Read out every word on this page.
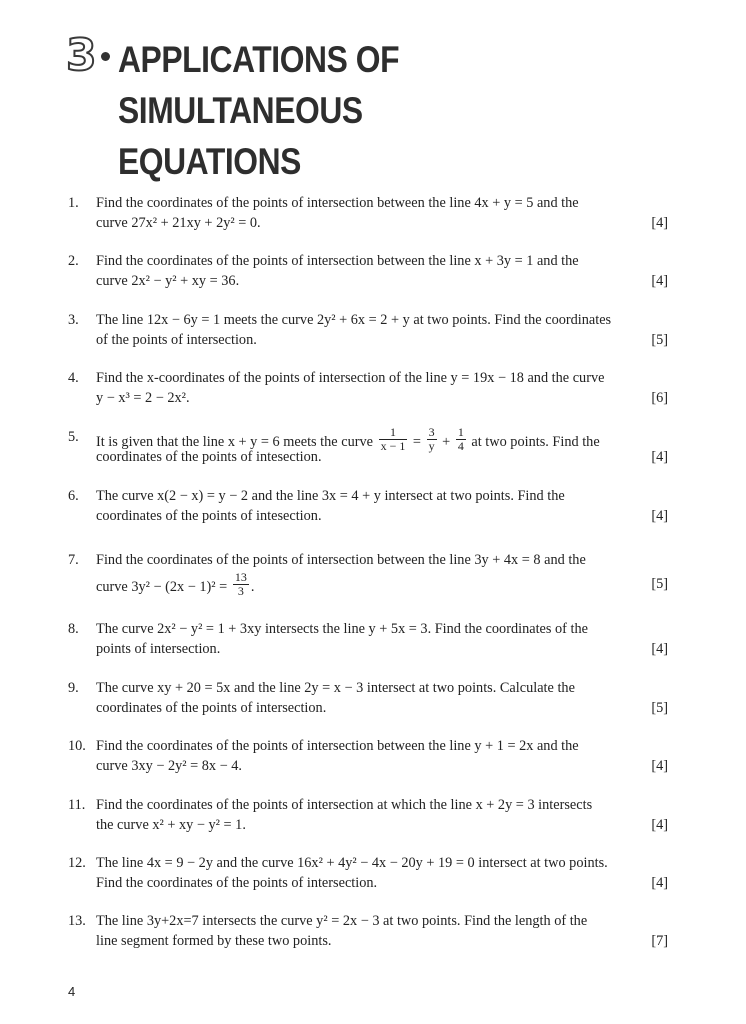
3 APPLICATIONS OF SIMULTANEOUS
EQUATIONS
1. Find the coordinates of the points of intersection between the line 4x + y = 5 and the
curve 27x² + 21xy + 2y² = 0.	[4]
2. Find the coordinates of the points of intersection between the line x + 3y = 1 and the
curve 2x² − y² + xy = 36.	[4]
3. The line 12x − 6y = 1 meets the curve 2y² + 6x = 2 + y at two points. Find the coordinates
of the points of intersection.	[5]
4. Find the x-coordinates of the points of intersection of the line y = 19x − 18 and the curve
y − x³ = 2 − 2x².	[6]
5. It is given that the line x + y = 6 meets the curve $\frac{1}{x - 1} = \frac{3}{y} + \frac{1}{4}$ at two points. Find the
coordinates of the points of intesection.	[4]
6. The curve x(2 − x) = y − 2 and the line 3x = 4 + y intersect at two points. Find the
coordinates of the points of intesection.	[4]
7. Find the coordinates of the points of intersection between the line 3y + 4x = 8 and the
curve $3y^2 - (2x - 1)^2 = \frac{13}{3}$ .	[5]
8. The curve 2x² − y² = 1 + 3xy intersects the line y + 5x = 3. Find the coordinates of the
points of intersection.	[4]
9. The curve xy + 20 = 5x and the line 2y = x − 3 intersect at two points. Calculate the
coordinates of the points of intersection.	[5]
10. Find the coordinates of the points of intersection between the line y + 1 = 2x and the
curve 3xy − 2y² = 8x − 4.	[4]
11. Find the coordinates of the points of intersection at which the line x + 2y = 3 intersects
the curve x² + xy − y² = 1.	[4]
12. The line 4x = 9 − 2y and the curve 16x² + 4y² − 4x − 20y + 19 = 0 intersect at two points.
Find the coordinates of the points of intersection.	[4]
13. The line 3y+2x=7 intersects the curve y² = 2x − 3 at two points. Find the length of the
line segment formed by these two points.	[7]
4
